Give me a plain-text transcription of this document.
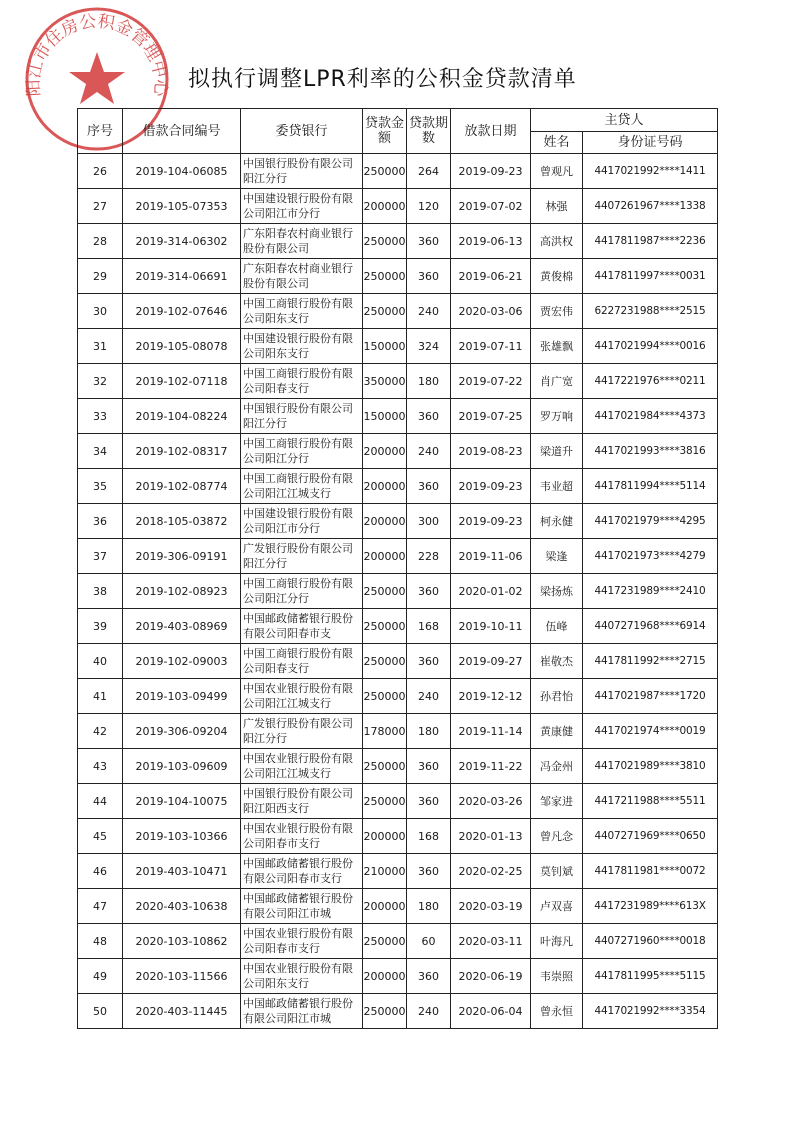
阳江市住房公积金管理中心 拟执行调整LPR利率的公积金贷款清单
序号	借款合同编号	委贷银行	贷款金额	贷款期数	放款日期	主贷人	
						姓名	身份证号码
26	2019-104-06085	中国银行股份有限公司阳江分行	250000	264	2019-09-23	曾观凡	4417021992****1411
27	2019-105-07353	中国建设银行股份有限公司阳江市分行	200000	120	2019-07-02	林强	4407261967****1338
28	2019-314-06302	广东阳春农村商业银行股份有限公司	250000	360	2019-06-13	高洪权	4417811987****2236
29	2019-314-06691	广东阳春农村商业银行股份有限公司	250000	360	2019-06-21	黄俊棉	4417811997****0031
30	2019-102-07646	中国工商银行股份有限公司阳东支行	250000	240	2020-03-06	贾宏伟	6227231988****2515
31	2019-105-08078	中国建设银行股份有限公司阳东支行	150000	324	2019-07-11	张雄飘	4417021994****0016
32	2019-102-07118	中国工商银行股份有限公司阳春支行	350000	180	2019-07-22	肖广宽	4417221976****0211
33	2019-104-08224	中国银行股份有限公司阳江分行	150000	360	2019-07-25	罗万响	4417021984****4373
34	2019-102-08317	中国工商银行股份有限公司阳江分行	200000	240	2019-08-23	梁道升	4417021993****3816
35	2019-102-08774	中国工商银行股份有限公司阳江江城支行	200000	360	2019-09-23	韦业超	4417811994****5114
36	2018-105-03872	中国建设银行股份有限公司阳江市分行	200000	300	2019-09-23	柯永健	4417021979****4295
37	2019-306-09191	广发银行股份有限公司阳江分行	200000	228	2019-11-06	梁逢	4417021973****4279
38	2019-102-08923	中国工商银行股份有限公司阳江分行	250000	360	2020-01-02	梁扬炼	4417231989****2410
39	2019-403-08969	中国邮政储蓄银行股份有限公司阳春市支	250000	168	2019-10-11	伍峰	4407271968****6914
40	2019-102-09003	中国工商银行股份有限公司阳春支行	250000	360	2019-09-27	崔敬杰	4417811992****2715
41	2019-103-09499	中国农业银行股份有限公司阳江江城支行	250000	240	2019-12-12	孙君怡	4417021987****1720
42	2019-306-09204	广发银行股份有限公司阳江分行	178000	180	2019-11-14	黄康健	4417021974****0019
43	2019-103-09609	中国农业银行股份有限公司阳江江城支行	250000	360	2019-11-22	冯金州	4417021989****3810
44	2019-104-10075	中国银行股份有限公司阳江阳西支行	250000	360	2020-03-26	邹家进	4417211988****5511
45	2019-103-10366	中国农业银行股份有限公司阳春市支行	200000	168	2020-01-13	曾凡念	4407271969****0650
46	2019-403-10471	中国邮政储蓄银行股份有限公司阳春市支行	210000	360	2020-02-25	莫钊斌	4417811981****0072
47	2020-403-10638	中国邮政储蓄银行股份有限公司阳江市城	200000	180	2020-03-19	卢双喜	4417231989****613X
48	2020-103-10862	中国农业银行股份有限公司阳春市支行	250000	60	2020-03-11	叶海凡	4407271960****0018
49	2020-103-11566	中国农业银行股份有限公司阳东支行	200000	360	2020-06-19	韦崇照	4417811995****5115
50	2020-403-11445	中国邮政储蓄银行股份有限公司阳江市城	250000	240	2020-06-04	曾永恒	4417021992****3354
